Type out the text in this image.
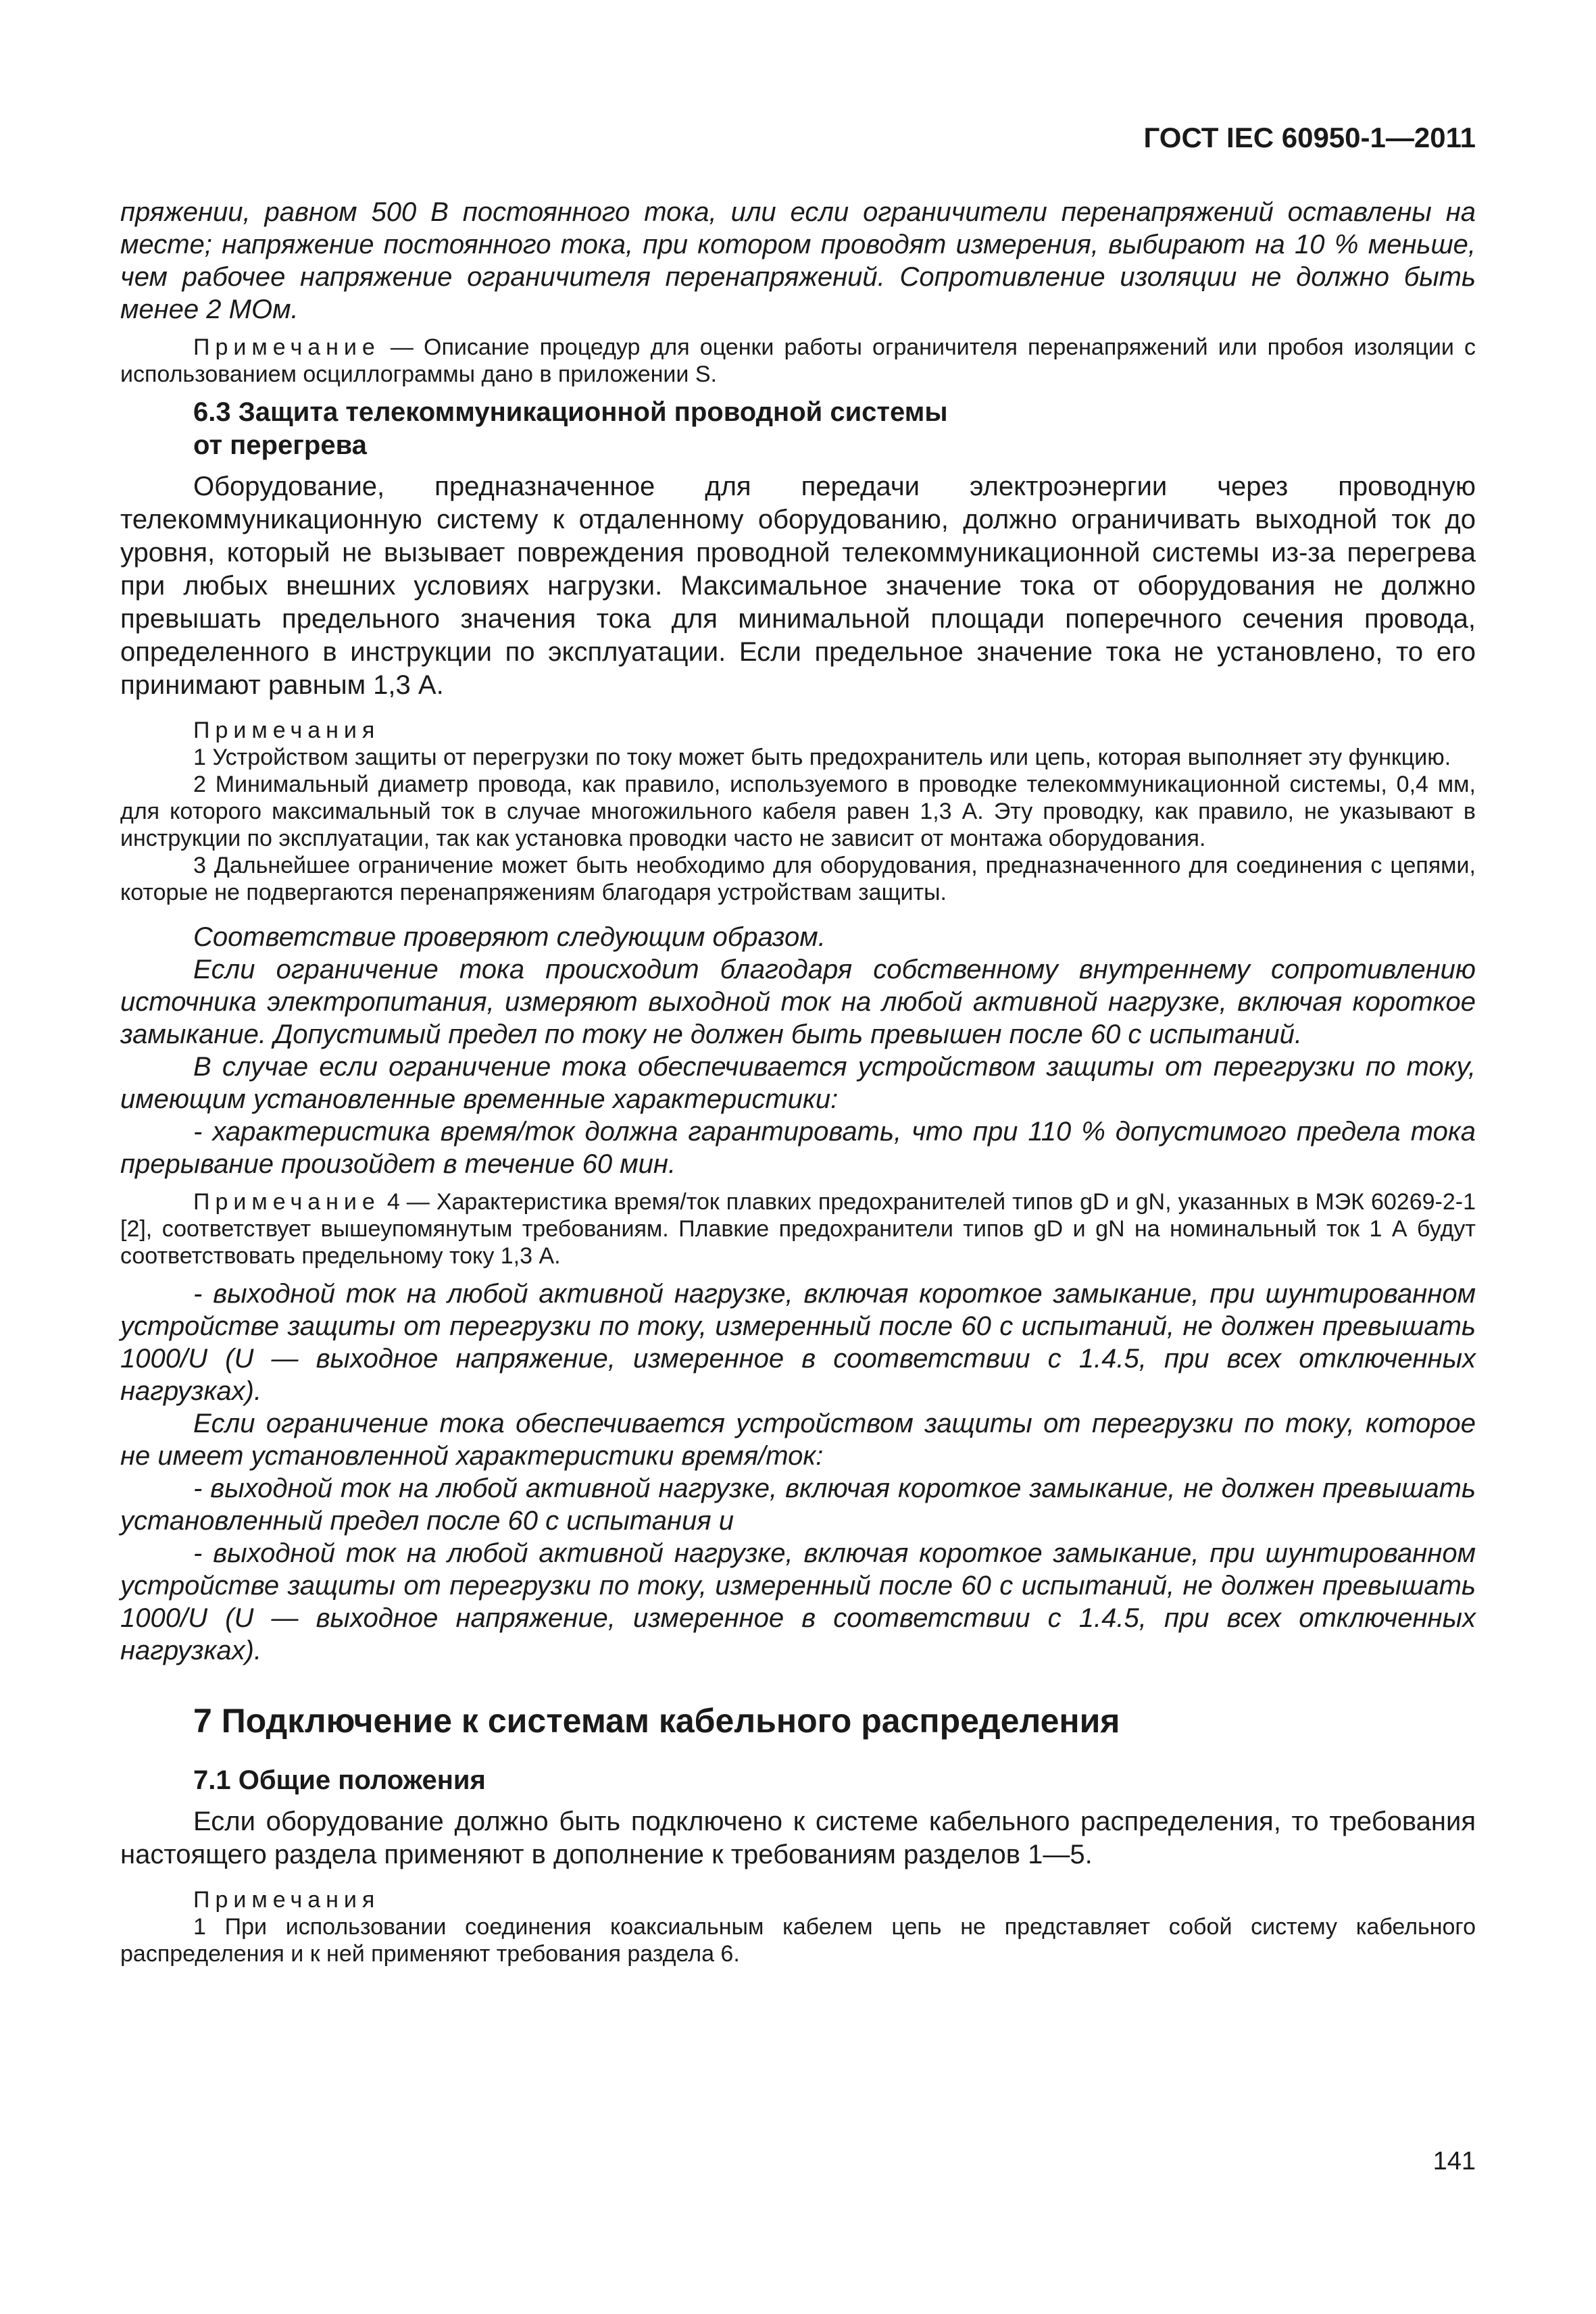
ГОСТ IEC 60950-1—2011

пряжении, равном 500 В постоянного тока, или если ограничители перенапряжений оставлены на месте; напряжение постоянного тока, при котором проводят измерения, выбирают на 10 % меньше, чем рабочее напряжение ограничителя перенапряжений. Сопротивление изоляции не должно быть менее 2 МОм.

Примечание — Описание процедур для оценки работы ограничителя перенапряжений или пробоя изоляции с использованием осциллограммы дано в приложении S.

6.3 Защита телекоммуникационной проводной системы
от перегрева

Оборудование, предназначенное для передачи электроэнергии через проводную телекоммуникационную систему к отдаленному оборудованию, должно ограничивать выходной ток до уровня, который не вызывает повреждения проводной телекоммуникационной системы из-за перегрева при любых внешних условиях нагрузки. Максимальное значение тока от оборудования не должно превышать предельного значения тока для минимальной площади поперечного сечения провода, определенного в инструкции по эксплуатации. Если предельное значение тока не установлено, то его принимают равным 1,3 А.

Примечания

1 Устройством защиты от перегрузки по току может быть предохранитель или цепь, которая выполняет эту функцию.

2 Минимальный диаметр провода, как правило, используемого в проводке телекоммуникационной системы, 0,4 мм, для которого максимальный ток в случае многожильного кабеля равен 1,3 А. Эту проводку, как правило, не указывают в инструкции по эксплуатации, так как установка проводки часто не зависит от монтажа оборудования.

3 Дальнейшее ограничение может быть необходимо для оборудования, предназначенного для соединения с цепями, которые не подвергаются перенапряжениям благодаря устройствам защиты.

Соответствие проверяют следующим образом.

Если ограничение тока происходит благодаря собственному внутреннему сопротивлению источника электропитания, измеряют выходной ток на любой активной нагрузке, включая короткое замыкание. Допустимый предел по току не должен быть превышен после 60 с испытаний.

В случае если ограничение тока обеспечивается устройством защиты от перегрузки по току, имеющим установленные временные характеристики:

- характеристика время/ток должна гарантировать, что при 110 % допустимого предела тока прерывание произойдет в течение 60 мин.

Примечание 4 — Характеристика время/ток плавких предохранителей типов gD и gN, указанных в МЭК 60269-2-1 [2], соответствует вышеупомянутым требованиям. Плавкие предохранители типов gD и gN на номинальный ток 1 А будут соответствовать предельному току 1,3 А.

- выходной ток на любой активной нагрузке, включая короткое замыкание, при шунтированном устройстве защиты от перегрузки по току, измеренный после 60 с испытаний, не должен превышать 1000/U (U — выходное напряжение, измеренное в соответствии с 1.4.5, при всех отключенных нагрузках).

Если ограничение тока обеспечивается устройством защиты от перегрузки по току, которое не имеет установленной характеристики время/ток:

- выходной ток на любой активной нагрузке, включая короткое замыкание, не должен превышать установленный предел после 60 с испытания и

- выходной ток на любой активной нагрузке, включая короткое замыкание, при шунтированном устройстве защиты от перегрузки по току, измеренный после 60 с испытаний, не должен превышать 1000/U (U — выходное напряжение, измеренное в соответствии с 1.4.5, при всех отключенных нагрузках).

7 Подключение к системам кабельного распределения
7.1 Общие положения

Если оборудование должно быть подключено к системе кабельного распределения, то требования настоящего раздела применяют в дополнение к требованиям разделов 1—5.

Примечания

1 При использовании соединения коаксиальным кабелем цепь не представляет собой систему кабельного распределения и к ней применяют требования раздела 6.

141
